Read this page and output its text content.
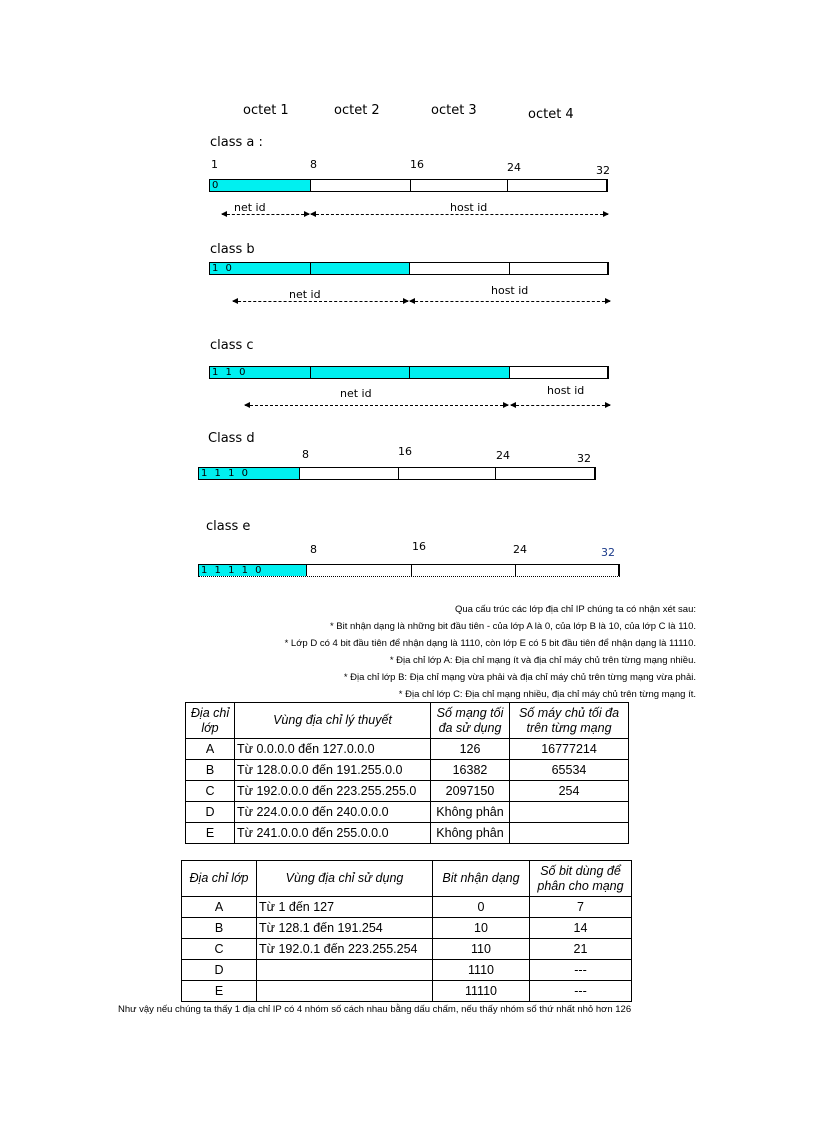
octet 1	octet 2	octet 3	octet 4
class a :
1	8	16	24	32
0
net id	host id
class b
1 0
net id	host id
class c
1 1 0
net id	host id
Class d
8	16	24	32
1 1 1 0
class e
8	16	24	32
1 1 1 1 0
Qua cấu trúc các lớp địa chỉ IP chúng ta có nhận xét sau:
* Bit nhận dạng là những bit đầu tiên - của lớp A là 0, của lớp B là 10, của lớp C là 110.
* Lớp D có 4 bit đầu tiên để nhận dạng là 1110, còn lớp E có 5 bit đầu tiên để nhận dạng là 11110.
* Địa chỉ lớp A: Địa chỉ mạng ít và địa chỉ máy chủ trên từng mạng nhiều.
* Địa chỉ lớp B: Địa chỉ mạng vừa phải và địa chỉ máy chủ trên từng mạng vừa phải.
* Địa chỉ lớp C: Địa chỉ mạng nhiều, địa chỉ máy chủ trên từng mạng ít.
Địa chỉ lớp	Vùng địa chỉ lý thuyết	Số mạng tối đa sử dụng	Số máy chủ tối đa trên từng mạng
A	Từ 0.0.0.0 đến 127.0.0.0	126	16777214
B	Từ 128.0.0.0 đến 191.255.0.0	16382	65534
C	Từ 192.0.0.0 đến 223.255.255.0	2097150	254
D	Từ 224.0.0.0 đến 240.0.0.0	Không phân	
E	Từ 241.0.0.0 đến 255.0.0.0	Không phân	
Địa chỉ lớp	Vùng địa chỉ sử dụng	Bit nhận dạng	Số bit dùng để phân cho mạng
A	Từ 1 đến 127	0	7
B	Từ 128.1 đến 191.254	10	14
C	Từ 192.0.1 đến 223.255.254	110	21
D		1110	---
E		11110	---
Như vậy nếu chúng ta thấy 1 địa chỉ IP có 4 nhóm số cách nhau bằng dấu chấm, nếu thấy nhóm số thứ nhất nhỏ hơn 126
